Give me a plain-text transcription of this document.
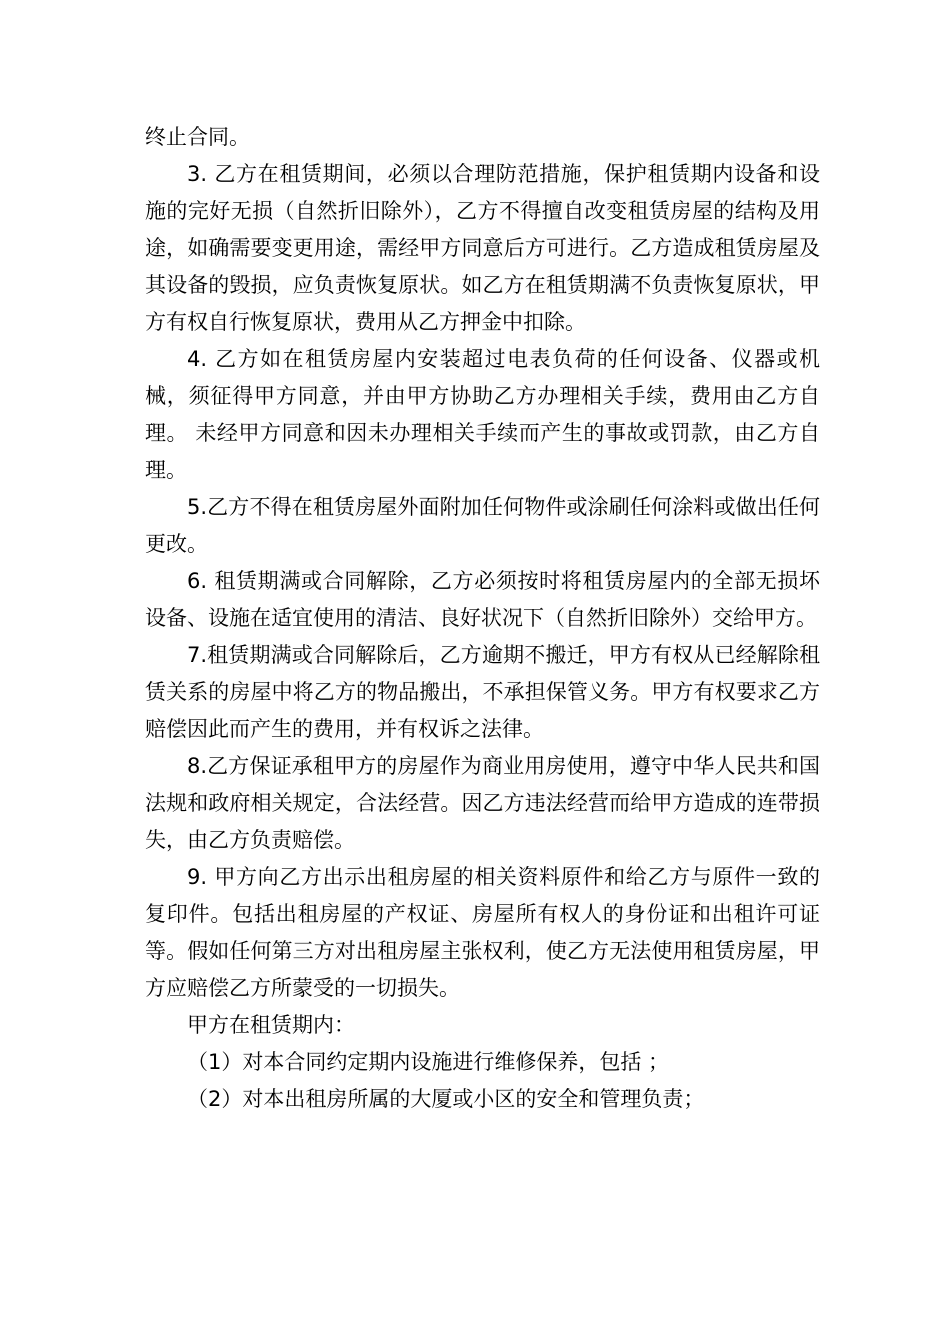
终止合同。

3. 乙方在租赁期间，必须以合理防范措施，保护租赁期内设备和设施的完好无损（自然折旧除外），乙方不得擅自改变租赁房屋的结构及用途，如确需要变更用途，需经甲方同意后方可进行。乙方造成租赁房屋及其设备的毁损，应负责恢复原状。如乙方在租赁期满不负责恢复原状，甲方有权自行恢复原状，费用从乙方押金中扣除。

4. 乙方如在租赁房屋内安装超过电表负荷的任何设备、仪器或机械，须征得甲方同意，并由甲方协助乙方办理相关手续，费用由乙方自理。 未经甲方同意和因未办理相关手续而产生的事故或罚款，由乙方自理。

5.乙方不得在租赁房屋外面附加任何物件或涂刷任何涂料或做出任何更改。

6. 租赁期满或合同解除，乙方必须按时将租赁房屋内的全部无损坏设备、设施在适宜使用的清洁、良好状况下（自然折旧除外）交给甲方。

7.租赁期满或合同解除后，乙方逾期不搬迁，甲方有权从已经解除租赁关系的房屋中将乙方的物品搬出，不承担保管义务。甲方有权要求乙方赔偿因此而产生的费用，并有权诉之法律。

8.乙方保证承租甲方的房屋作为商业用房使用，遵守中华人民共和国法规和政府相关规定，合法经营。因乙方违法经营而给甲方造成的连带损失，由乙方负责赔偿。

9. 甲方向乙方出示出租房屋的相关资料原件和给乙方与原件一致的复印件。包括出租房屋的产权证、房屋所有权人的身份证和出租许可证等。假如任何第三方对出租房屋主张权利，使乙方无法使用租赁房屋，甲方应赔偿乙方所蒙受的一切损失。

甲方在租赁期内：

（1）对本合同约定期内设施进行维修保养，包括 ；

（2）对本出租房所属的大厦或小区的安全和管理负责；
